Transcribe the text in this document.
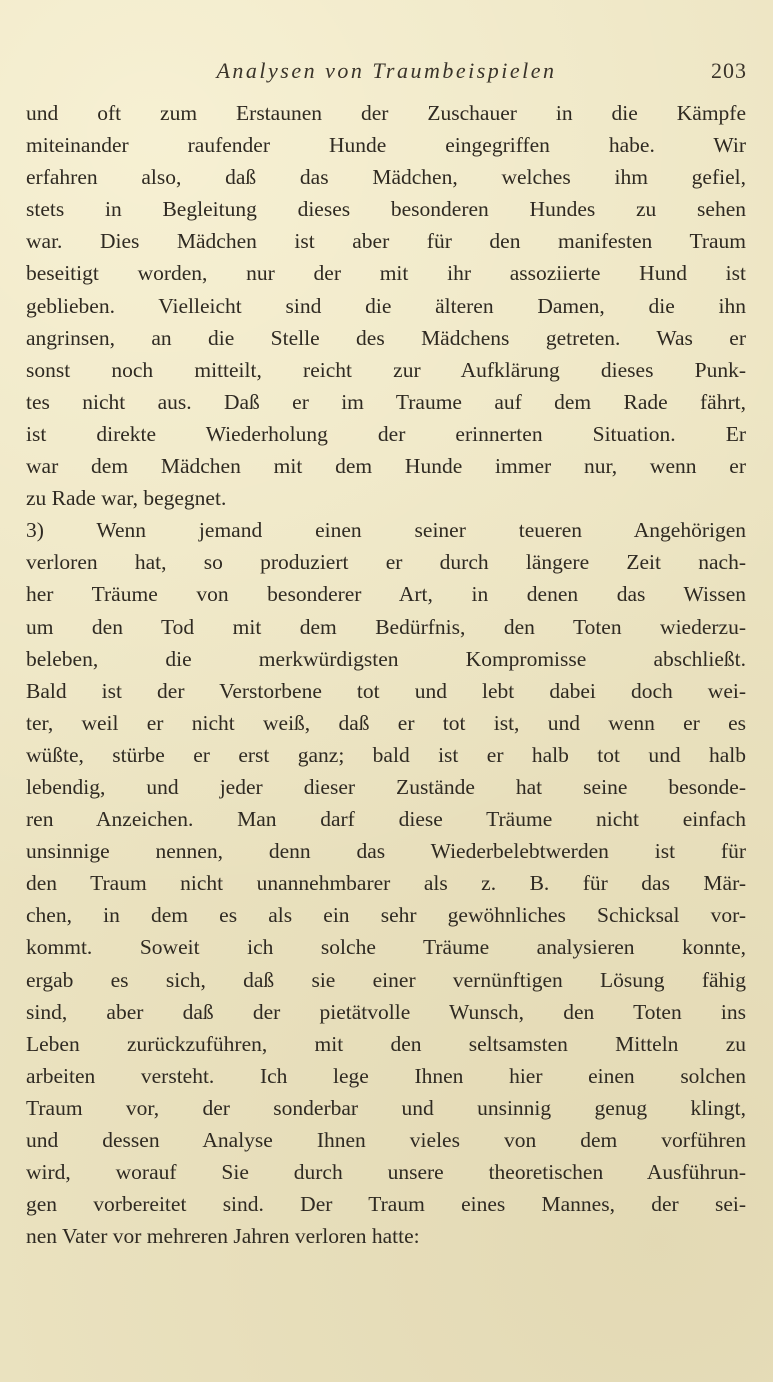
Analysen von Traumbeispielen	203
und oft zum Erstaunen der Zuschauer in die Kämpfe
miteinander raufender Hunde eingegriffen habe. Wir
erfahren also, daß das Mädchen, welches ihm gefiel,
stets in Begleitung dieses besonderen Hundes zu sehen
war. Dies Mädchen ist aber für den manifesten Traum
beseitigt worden, nur der mit ihr assoziierte Hund ist
geblieben. Vielleicht sind die älteren Damen, die ihn
angrinsen, an die Stelle des Mädchens getreten. Was er
sonst noch mitteilt, reicht zur Aufklärung dieses Punk-
tes nicht aus. Daß er im Traume auf dem Rade fährt,
ist direkte Wiederholung der erinnerten Situation. Er
war dem Mädchen mit dem Hunde immer nur, wenn er
zu Rade war, begegnet.
3) Wenn jemand einen seiner teueren Angehörigen
verloren hat, so produziert er durch längere Zeit nach-
her Träume von besonderer Art, in denen das Wissen
um den Tod mit dem Bedürfnis, den Toten wiederzu-
beleben, die merkwürdigsten Kompromisse abschließt.
Bald ist der Verstorbene tot und lebt dabei doch wei-
ter, weil er nicht weiß, daß er tot ist, und wenn er es
wüßte, stürbe er erst ganz; bald ist er halb tot und halb
lebendig, und jeder dieser Zustände hat seine besonde-
ren Anzeichen. Man darf diese Träume nicht einfach
unsinnige nennen, denn das Wiederbelebtwerden ist für
den Traum nicht unannehmbarer als z. B. für das Mär-
chen, in dem es als ein sehr gewöhnliches Schicksal vor-
kommt. Soweit ich solche Träume analysieren konnte,
ergab es sich, daß sie einer vernünftigen Lösung fähig
sind, aber daß der pietätvolle Wunsch, den Toten ins
Leben zurückzuführen, mit den seltsamsten Mitteln zu
arbeiten versteht. Ich lege Ihnen hier einen solchen
Traum vor, der sonderbar und unsinnig genug klingt,
und dessen Analyse Ihnen vieles von dem vorführen
wird, worauf Sie durch unsere theoretischen Ausführun-
gen vorbereitet sind. Der Traum eines Mannes, der sei-
nen Vater vor mehreren Jahren verloren hatte:
